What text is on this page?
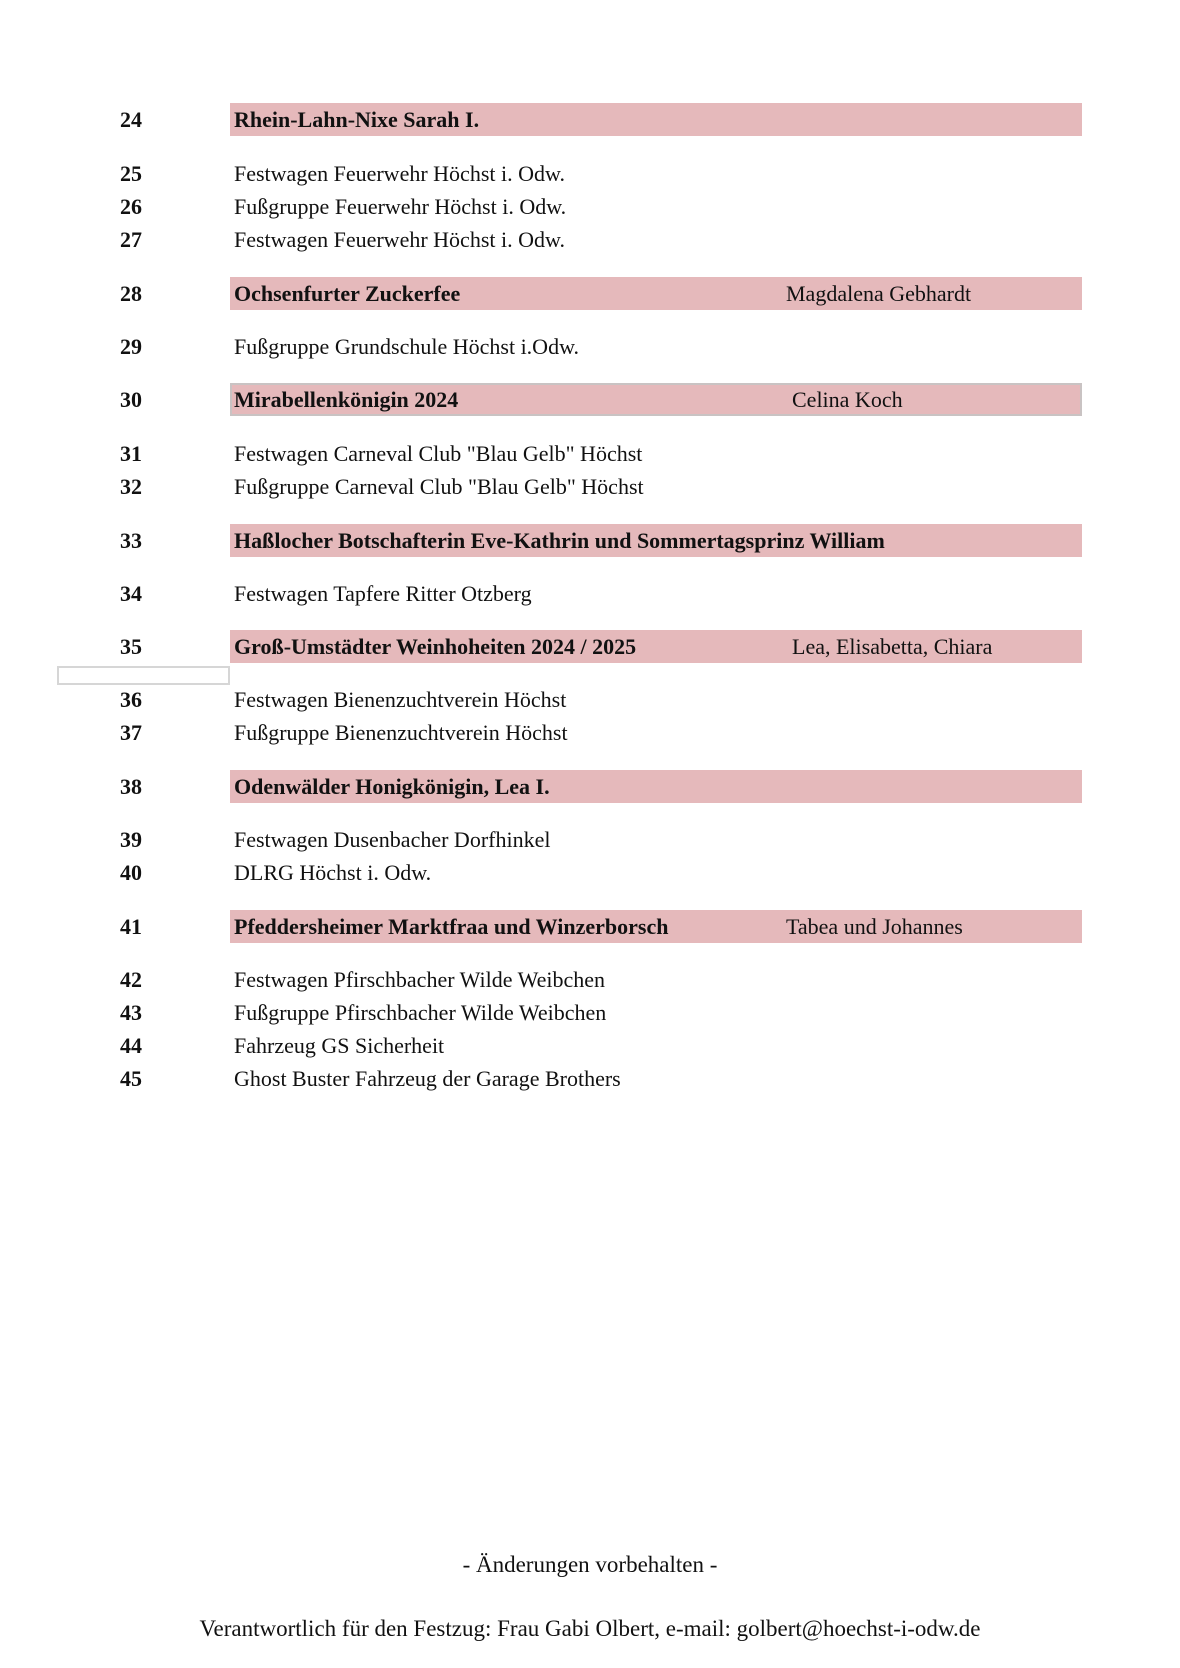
24	Rhein-Lahn-Nixe Sarah I.
25	Festwagen Feuerwehr Höchst i. Odw.
26	Fußgruppe Feuerwehr Höchst i. Odw.
27	Festwagen Feuerwehr Höchst i. Odw.
28	Ochsenfurter Zuckerfee	Magdalena Gebhardt
29	Fußgruppe Grundschule Höchst i.Odw.
30	Mirabellenkönigin 2024	Celina Koch
31	Festwagen Carneval Club "Blau Gelb" Höchst
32	Fußgruppe Carneval Club "Blau Gelb" Höchst
33	Haßlocher Botschafterin Eve-Kathrin und Sommertagsprinz William
34	Festwagen Tapfere Ritter Otzberg
35	Groß-Umstädter Weinhoheiten 2024 / 2025	Lea, Elisabetta, Chiara
36	Festwagen Bienenzuchtverein Höchst
37	Fußgruppe Bienenzuchtverein Höchst
38	Odenwälder Honigkönigin, Lea I.
39	Festwagen Dusenbacher Dorfhinkel
40	DLRG Höchst i. Odw.
41	Pfeddersheimer Marktfraa und Winzerborsch	Tabea und Johannes
42	Festwagen Pfirschbacher Wilde Weibchen
43	Fußgruppe Pfirschbacher Wilde Weibchen
44	Fahrzeug GS Sicherheit
45	Ghost Buster Fahrzeug der Garage Brothers
- Änderungen vorbehalten -
Verantwortlich für den Festzug: Frau Gabi Olbert, e-mail: golbert@hoechst-i-odw.de
